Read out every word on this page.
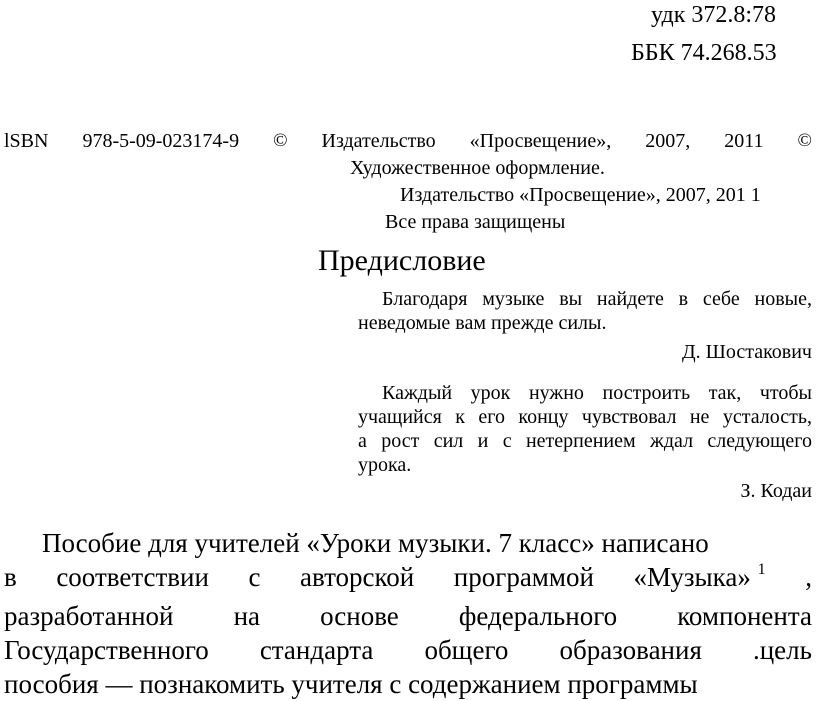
удк 372.8:78
ББК 74.268.53
lSBN 978-5-09-023174-9 © Издательство «Просвещение», 2007, 2011 ©
Художественное оформление.
Издательство «Просвещение», 2007, 201 1
Все права защищены
Предисловие
Благодаря музыке вы найдете в себе новые,
неведомые вам прежде силы.
Д. Шостакович
Каждый урок нужно построить так, чтобы
учащийся к его концу чувствовал не усталость,
а рост сил и с нетерпением ждал следующего
урока.
З. Кодаи
Пособие для учителей «Уроки музыки. 7 класс» написано
в соответствии с авторской программой «Музыка» $^1$ ,
разработанной на основе федерального компонента
Государственного стандарта общего образования .цель
пособия — познакомить учителя с содержанием программы
